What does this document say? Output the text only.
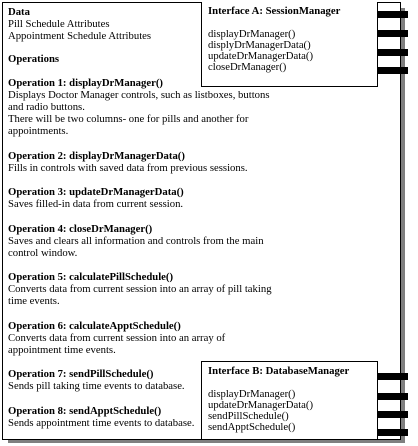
Data
Pill Schedule Attributes
Appointment Schedule Attributes
Operations
Operation 1: displayDrManager()
Displays Doctor Manager controls, such as listboxes, buttons
and radio buttons.
There will be two columns- one for pills and another for
appointments.
Operation 2: displayDrManagerData()
Fills in controls with saved data from previous sessions.
Operation 3: updateDrManagerData()
Saves filled-in data from current session.
Operation 4: closeDrManager()
Saves and clears all information and controls from the main
control window.
Operation 5: calculatePillSchedule()
Converts data from current session into an array of pill taking
time events.
Operation 6: calculateApptSchedule()
Converts data from current session into an array of
appointment time events.
Operation 7: sendPillSchedule()
Sends pill taking time events to database.
Operation 8: sendApptSchedule()
Sends appointment time events to database.
Interface A: SessionManager
displayDrManager()
displyDrManagerData()
updateDrManagerData()
closeDrManager()
Interface B: DatabaseManager
displayDrManager()
updateDrManagerData()
sendPillSchedule()
sendApptSchedule()
